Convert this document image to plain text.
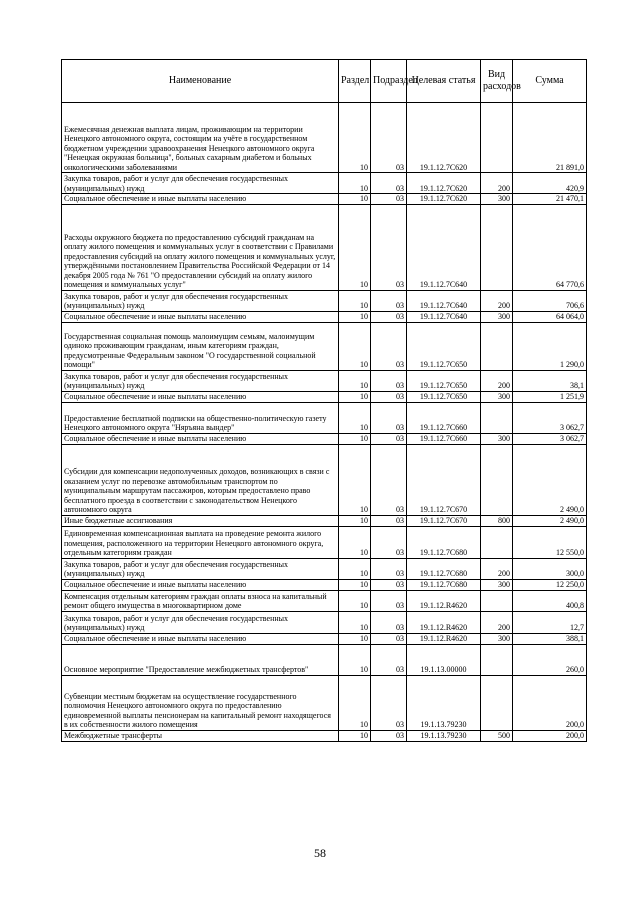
Наименование	Раздел	Подраздел	Целевая статья	Вид расходов	Сумма
Ежемесячная денежная выплата лицам, проживающим на территории Ненецкого автономного округа, состоящим на учёте в государственном бюджетном учреждении здравоохранения Ненецкого автономного округа "Ненецкая окружная больница", больных сахарным диабетом и больных онкологическими заболеваниями	10	03	19.1.12.7С620		21 891,0
Закупка товаров, работ и услуг для обеспечения государственных (муниципальных) нужд	10	03	19.1.12.7С620	200	420,9
Социальное обеспечение и иные выплаты населению	10	03	19.1.12.7С620	300	21 470,1
Расходы окружного бюджета по предоставлению субсидий гражданам на оплату жилого помещения и коммунальных услуг в соответствии с Правилами предоставления субсидий на оплату жилого помещения и коммунальных услуг, утверждёнными постановлением Правительства Российской Федерации от 14 декабря 2005 года № 761 "О предоставлении субсидий на оплату жилого помещения и коммунальных услуг"	10	03	19.1.12.7С640		64 770,6
Закупка товаров, работ и услуг для обеспечения государственных (муниципальных) нужд	10	03	19.1.12.7С640	200	706,6
Социальное обеспечение и иные выплаты населению	10	03	19.1.12.7С640	300	64 064,0
Государственная социальная помощь малоимущим семьям, малоимущим одиноко проживающим гражданам, иным категориям граждан, предусмотренные Федеральным законом "О государственной социальной помощи"	10	03	19.1.12.7С650		1 290,0
Закупка товаров, работ и услуг для обеспечения государственных (муниципальных) нужд	10	03	19.1.12.7С650	200	38,1
Социальное обеспечение и иные выплаты населению	10	03	19.1.12.7С650	300	1 251,9
Предоставление бесплатной подписки на общественно-политическую газету Ненецкого автономного округа "Няръяна вындер"	10	03	19.1.12.7С660		3 062,7
Социальное обеспечение и иные выплаты населению	10	03	19.1.12.7С660	300	3 062,7
Субсидии для компенсации недополученных доходов, возникающих в связи с оказанием услуг по перевозке автомобильным транспортом по муниципальным маршрутам пассажиров, которым предоставлено право бесплатного проезда в соответствии с законодательством Ненецкого автономного округа	10	03	19.1.12.7С670		2 490,0
Иные бюджетные ассигнования	10	03	19.1.12.7С670	800	2 490,0
Единовременная компенсационная выплата на проведение ремонта жилого помещения, расположенного на территории Ненецкого автономного округа, отдельным категориям граждан	10	03	19.1.12.7С680		12 550,0
Закупка товаров, работ и услуг для обеспечения государственных (муниципальных) нужд	10	03	19.1.12.7С680	200	300,0
Социальное обеспечение и иные выплаты населению	10	03	19.1.12.7С680	300	12 250,0
Компенсация отдельным категориям граждан оплаты взноса на капитальный ремонт общего имущества в многоквартирном доме	10	03	19.1.12.R4620		400,8
Закупка товаров, работ и услуг для обеспечения государственных (муниципальных) нужд	10	03	19.1.12.R4620	200	12,7
Социальное обеспечение и иные выплаты населению	10	03	19.1.12.R4620	300	388,1
Основное мероприятие "Предоставление межбюджетных трансфертов"	10	03	19.1.13.00000		260,0
Субвенции местным бюджетам на осуществление государственного полномочия Ненецкого автономного округа по предоставлению единовременной выплаты пенсионерам на капитальный ремонт находящегося в их собственности жилого помещения	10	03	19.1.13.79230		200,0
Межбюджетные трансферты	10	03	19.1.13.79230	500	200,0
58
